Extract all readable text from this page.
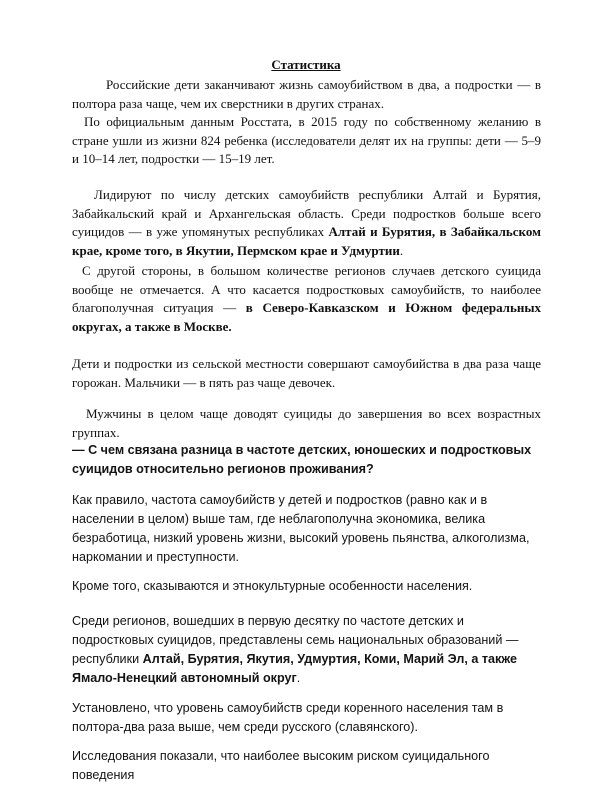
Статистика

Российские дети заканчивают жизнь самоубийством в два, а подростки — в полтора раза чаще, чем их сверстники в других странах.

По официальным данным Росстата, в 2015 году по собственному желанию в стране ушли из жизни 824 ребенка (исследователи делят их на группы: дети — 5–9 и 10–14 лет, подростки — 15–19 лет.

Лидируют по числу детских самоубийств республики Алтай и Бурятия, Забайкальский край и Архангельская область. Среди подростков больше всего суицидов — в уже упомянутых республиках Алтай и Бурятия, в Забайкальском крае, кроме того, в Якутии, Пермском крае и Удмуртии.

С другой стороны, в большом количестве регионов случаев детского суицида вообще не отмечается. А что касается подростковых самоубийств, то наиболее благополучная ситуация — в Северо-Кавказском и Южном федеральных округах, а также в Москве.

Дети и подростки из сельской местности совершают самоубийства в два раза чаще горожан. Мальчики — в пять раз чаще девочек.

Мужчины в целом чаще доводят суициды до завершения во всех возрастных группах.

— С чем связана разница в частоте детских, юношеских и подростковых суицидов относительно регионов проживания?

Как правило, частота самоубийств у детей и подростков (равно как и в населении в целом) выше там, где неблагополучна экономика, велика безработица, низкий уровень жизни, высокий уровень пьянства, алкоголизма, наркомании и преступности.

Кроме того, сказываются и этнокультурные особенности населения.

Среди регионов, вошедших в первую десятку по частоте детских и подростковых суицидов, представлены семь национальных образований — республики Алтай, Бурятия, Якутия, Удмуртия, Коми, Марий Эл, а также Ямало-Ненецкий автономный округ.

Установлено, что уровень самоубийств среди коренного населения там в полтора-два раза выше, чем среди русского (славянского).

Исследования показали, что наиболее высоким риском суицидального поведения
